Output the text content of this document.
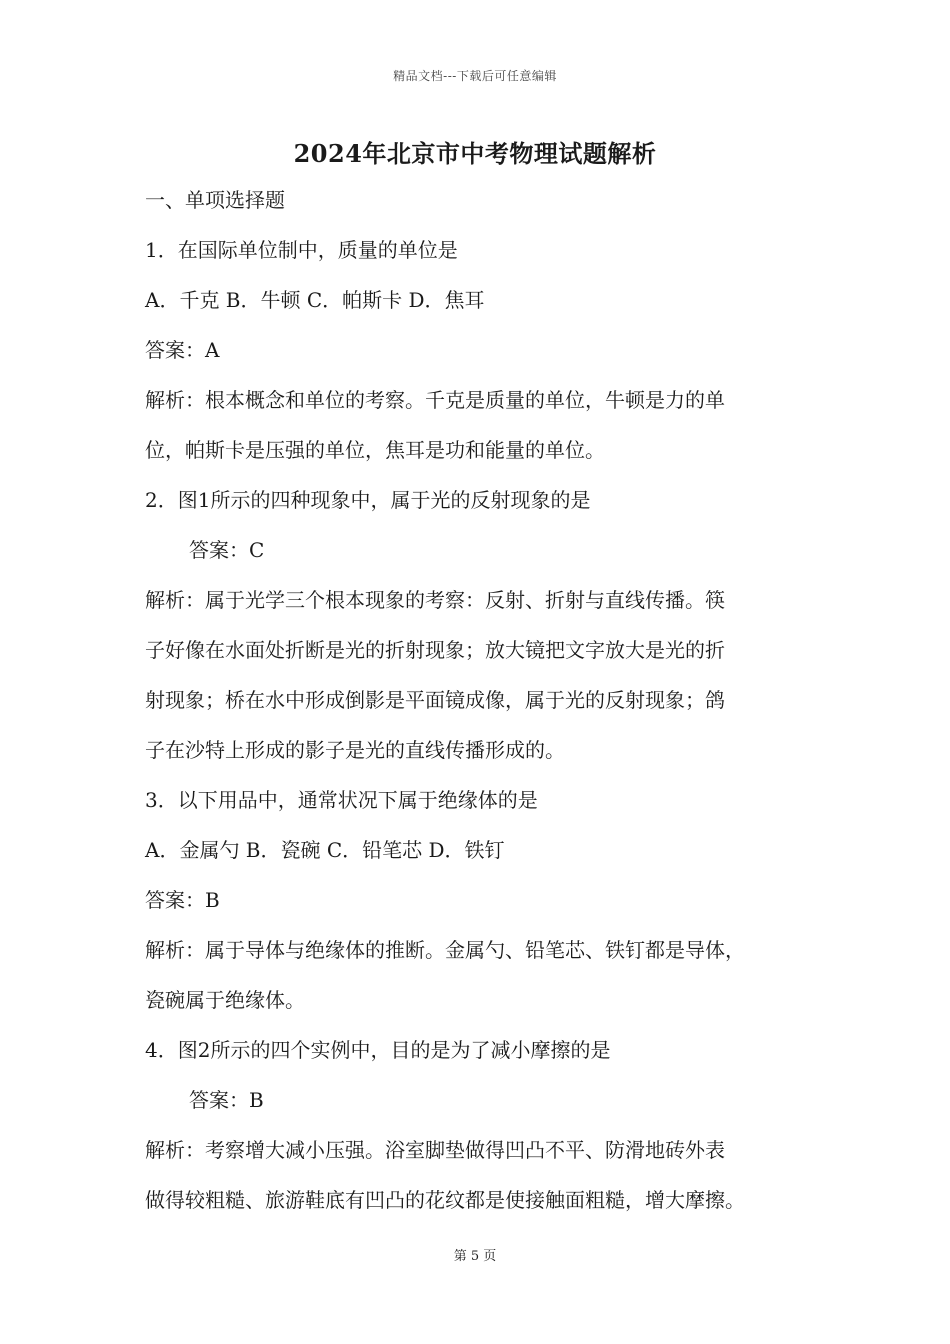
精品文档---下载后可任意编辑
2024年北京市中考物理试题解析
一、单项选择题
1．在国际单位制中，质量的单位是
A．千克 B．牛顿 C．帕斯卡 D．焦耳
答案：A
解析：根本概念和单位的考察。千克是质量的单位，牛顿是力的单
位，帕斯卡是压强的单位，焦耳是功和能量的单位。
2．图1所示的四种现象中，属于光的反射现象的是
答案：C
解析：属于光学三个根本现象的考察：反射、折射与直线传播。筷
子好像在水面处折断是光的折射现象；放大镜把文字放大是光的折
射现象；桥在水中形成倒影是平面镜成像，属于光的反射现象；鸽
子在沙特上形成的影子是光的直线传播形成的。
3．以下用品中，通常状况下属于绝缘体的是
A．金属勺 B．瓷碗 C．铅笔芯 D．铁钉
答案：B
解析：属于导体与绝缘体的推断。金属勺、铅笔芯、铁钉都是导体，
瓷碗属于绝缘体。
4．图2所示的四个实例中，目的是为了减小摩擦的是
答案：B
解析：考察增大减小压强。浴室脚垫做得凹凸不平、防滑地砖外表
做得较粗糙、旅游鞋底有凹凸的花纹都是使接触面粗糙，增大摩擦。
第 5 页
